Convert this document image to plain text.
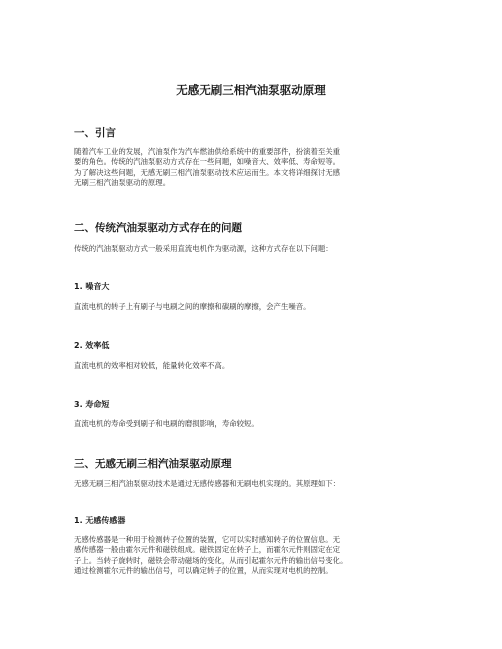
无感无刷三相汽油泵驱动原理
一、引言
随着汽车工业的发展，汽油泵作为汽车燃油供给系统中的重要部件，扮演着至关重
要的角色。传统的汽油泵驱动方式存在一些问题，如噪音大、效率低、寿命短等。
为了解决这些问题，无感无刷三相汽油泵驱动技术应运而生。本文将详细探讨无感
无刷三相汽油泵驱动的原理。
二、传统汽油泵驱动方式存在的问题
传统的汽油泵驱动方式一般采用直流电机作为驱动源，这种方式存在以下问题：
1. 噪音大
直流电机的转子上有刷子与电刷之间的摩擦和碳刷的摩擦，会产生噪音。
2. 效率低
直流电机的效率相对较低，能量转化效率不高。
3. 寿命短
直流电机的寿命受到刷子和电刷的磨损影响，寿命较短。
三、无感无刷三相汽油泵驱动原理
无感无刷三相汽油泵驱动技术是通过无感传感器和无刷电机实现的。其原理如下：
1. 无感传感器
无感传感器是一种用于检测转子位置的装置，它可以实时感知转子的位置信息。无
感传感器一般由霍尔元件和磁铁组成。磁铁固定在转子上，而霍尔元件则固定在定
子上。当转子旋转时，磁铁会带动磁场的变化，从而引起霍尔元件的输出信号变化。
通过检测霍尔元件的输出信号，可以确定转子的位置，从而实现对电机的控制。
